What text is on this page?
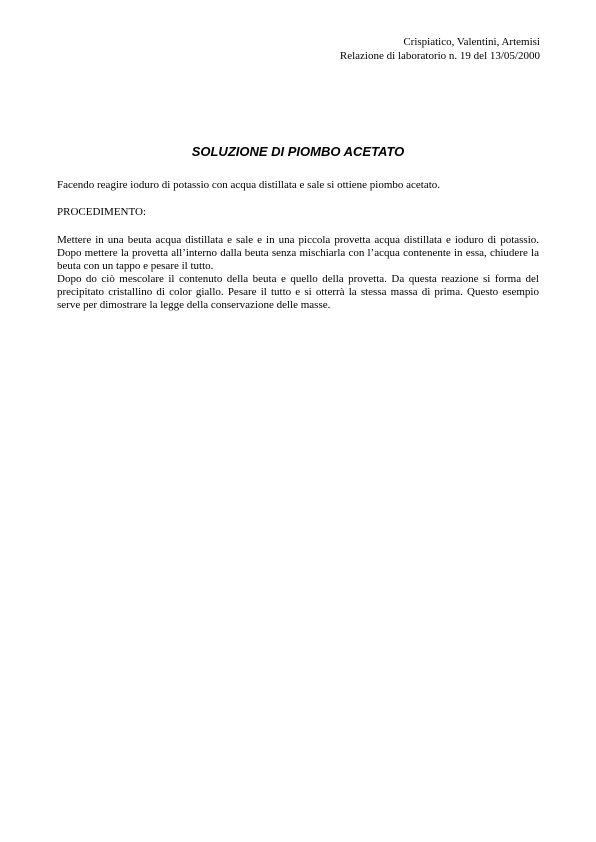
Crispiatico, Valentini, Artemisi
Relazione di laboratorio n. 19 del 13/05/2000
SOLUZIONE DI PIOMBO ACETATO
Facendo reagire ioduro di potassio con acqua distillata e sale si ottiene piombo acetato.
PROCEDIMENTO:

Mettere in una beuta acqua distillata e sale e in una piccola provetta acqua distillata e ioduro di potassio. Dopo mettere la provetta all’interno dalla beuta senza mischiarla con l’acqua contenente in essa, chiudere la beuta con un tappo e pesare il tutto.

Dopo do ciò mescolare il contenuto della beuta e quello della provetta. Da questa reazione si forma del precipitato cristallino di color giallo. Pesare il tutto e si otterrà la stessa massa di prima. Questo esempio serve per dimostrare la legge della conservazione delle masse.
